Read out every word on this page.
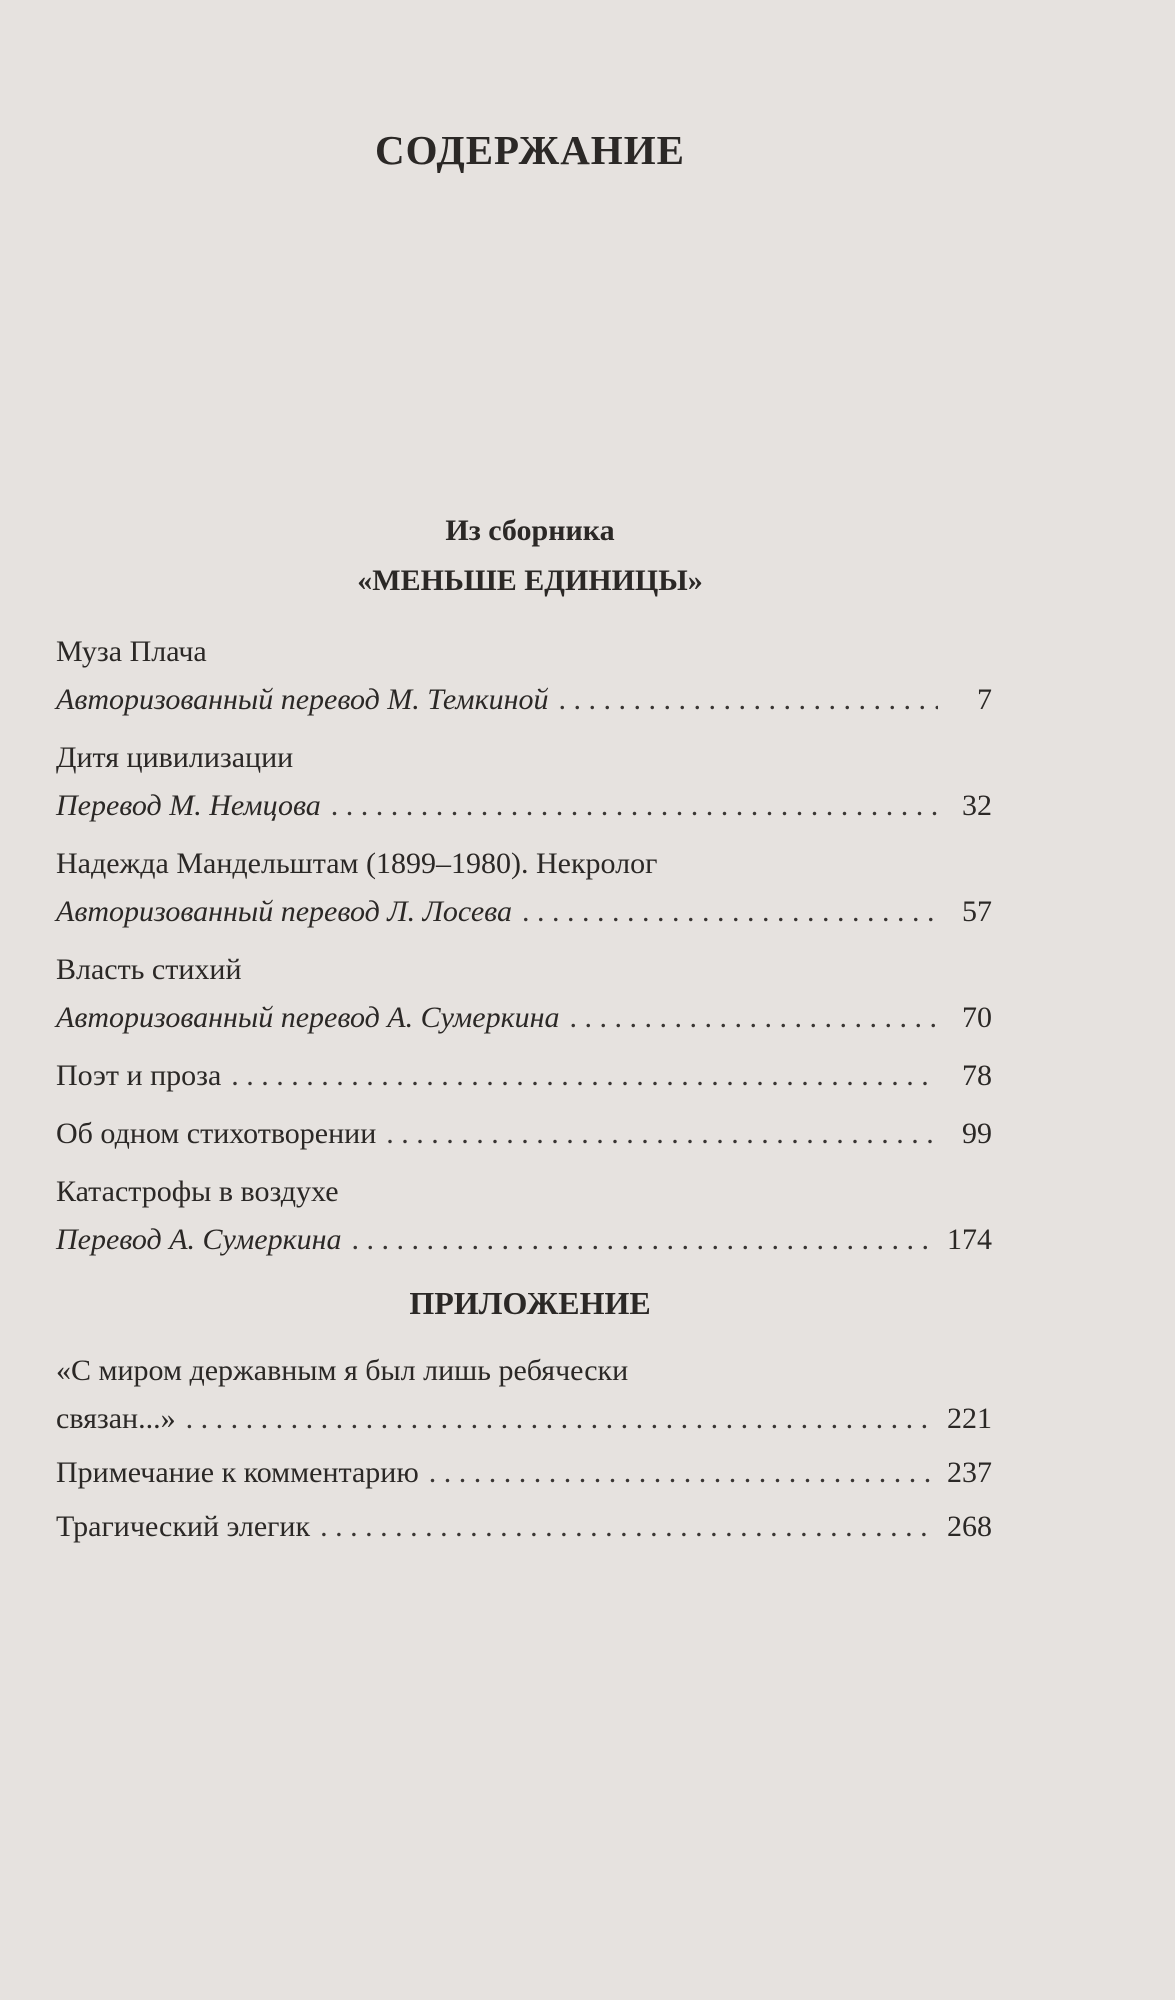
СОДЕРЖАНИЕ
Из сборника
«МЕНЬШЕ ЕДИНИЦЫ»
Муза Плача
Авторизованный перевод М. Темкиной . . .	7
Дитя цивилизации
Перевод М. Немцова . . .	32
Надежда Мандельштам (1899–1980). Некролог
Авторизованный перевод Л. Лосева . . .	57
Власть стихий
Авторизованный перевод А. Сумеркина . . .	70
Поэт и проза . . .	78
Об одном стихотворении . . .	99
Катастрофы в воздухе
Перевод А. Сумеркина . . .	174
ПРИЛОЖЕНИЕ
«С миром державным я был лишь ребячески
связан...» . . .	221
Примечание к комментарию . . .	237
Трагический элегик . . .	268
